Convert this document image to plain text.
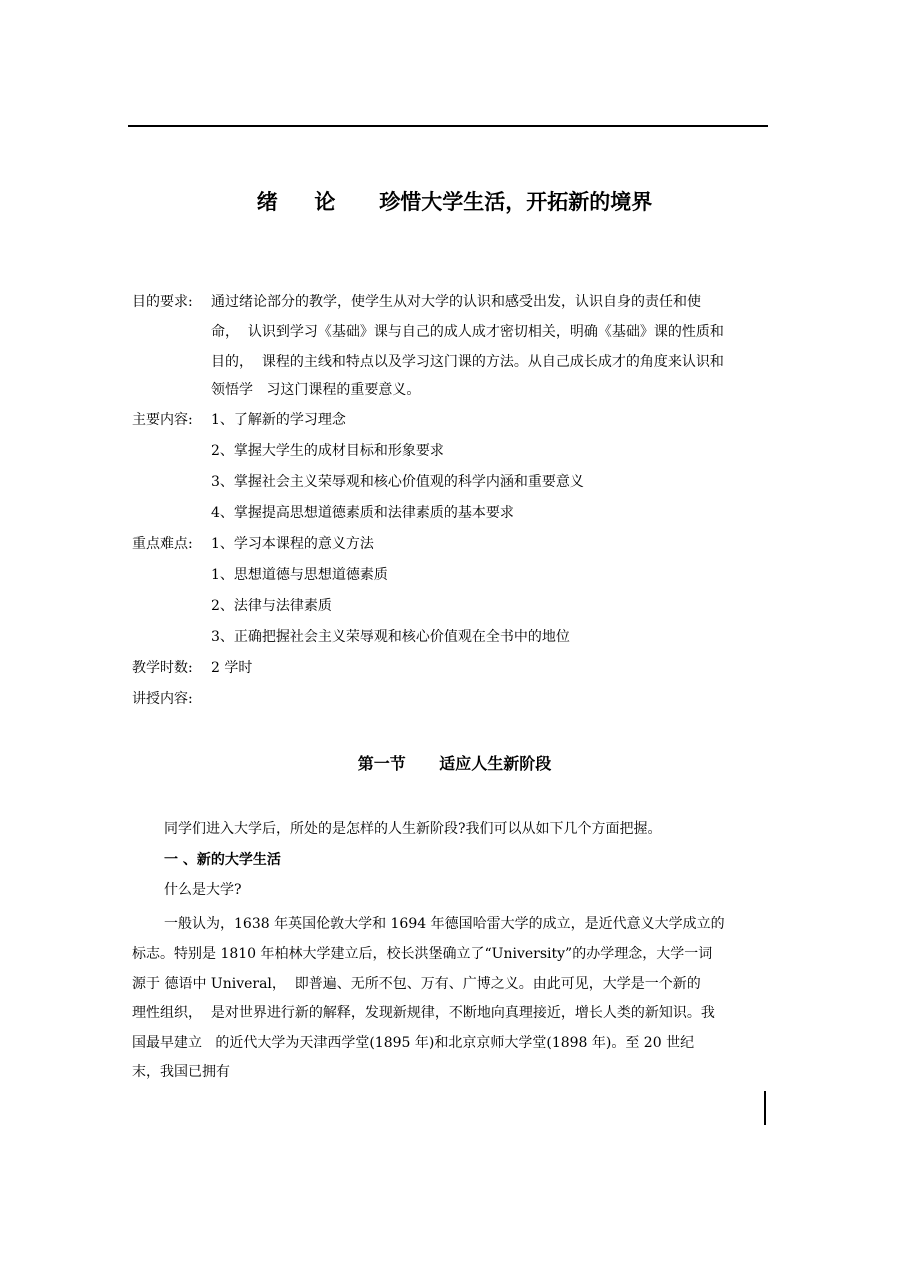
绪     论      珍惜大学生活，开拓新的境界
目的要求: 通过绪论部分的教学，使学生从对大学的认识和感受出发，认识自身的责任和使
命，  认识到学习《基础》课与自己的成人成才密切相关，明确《基础》课的性质和
目的，  课程的主线和特点以及学习这门课的方法。从自己成长成才的角度来认识和
领悟学   习这门课程的重要意义。
主要内容: 1、了解新的学习理念
2、掌握大学生的成材目标和形象要求
3、掌握社会主义荣辱观和核心价值观的科学内涵和重要意义
4、掌握提高思想道德素质和法律素质的基本要求
重点难点: 1、学习本课程的意义方法
1、思想道德与思想道德素质
2、法律与法律素质
3、正确把握社会主义荣辱观和核心价值观在全书中的地位
教学时数: 2 学时
讲授内容:
第一节      适应人生新阶段
同学们进入大学后，所处的是怎样的人生新阶段?我们可以从如下几个方面把握。
一 、新的大学生活
什么是大学?
一般认为，1638 年英国伦敦大学和 1694 年德国哈雷大学的成立，是近代意义大学成立的
标志。特别是 1810 年柏林大学建立后，校长洪堡确立了“University”的办学理念，大学一词
源于 德语中 Univeral，  即普遍、无所不包、万有、广博之义。由此可见，大学是一个新的
理性组织，  是对世界进行新的解释，发现新规律，不断地向真理接近，增长人类的新知识。我
国最早建立   的近代大学为天津西学堂(1895 年)和北京京师大学堂(1898 年)。至 20 世纪
末，我国已拥有
